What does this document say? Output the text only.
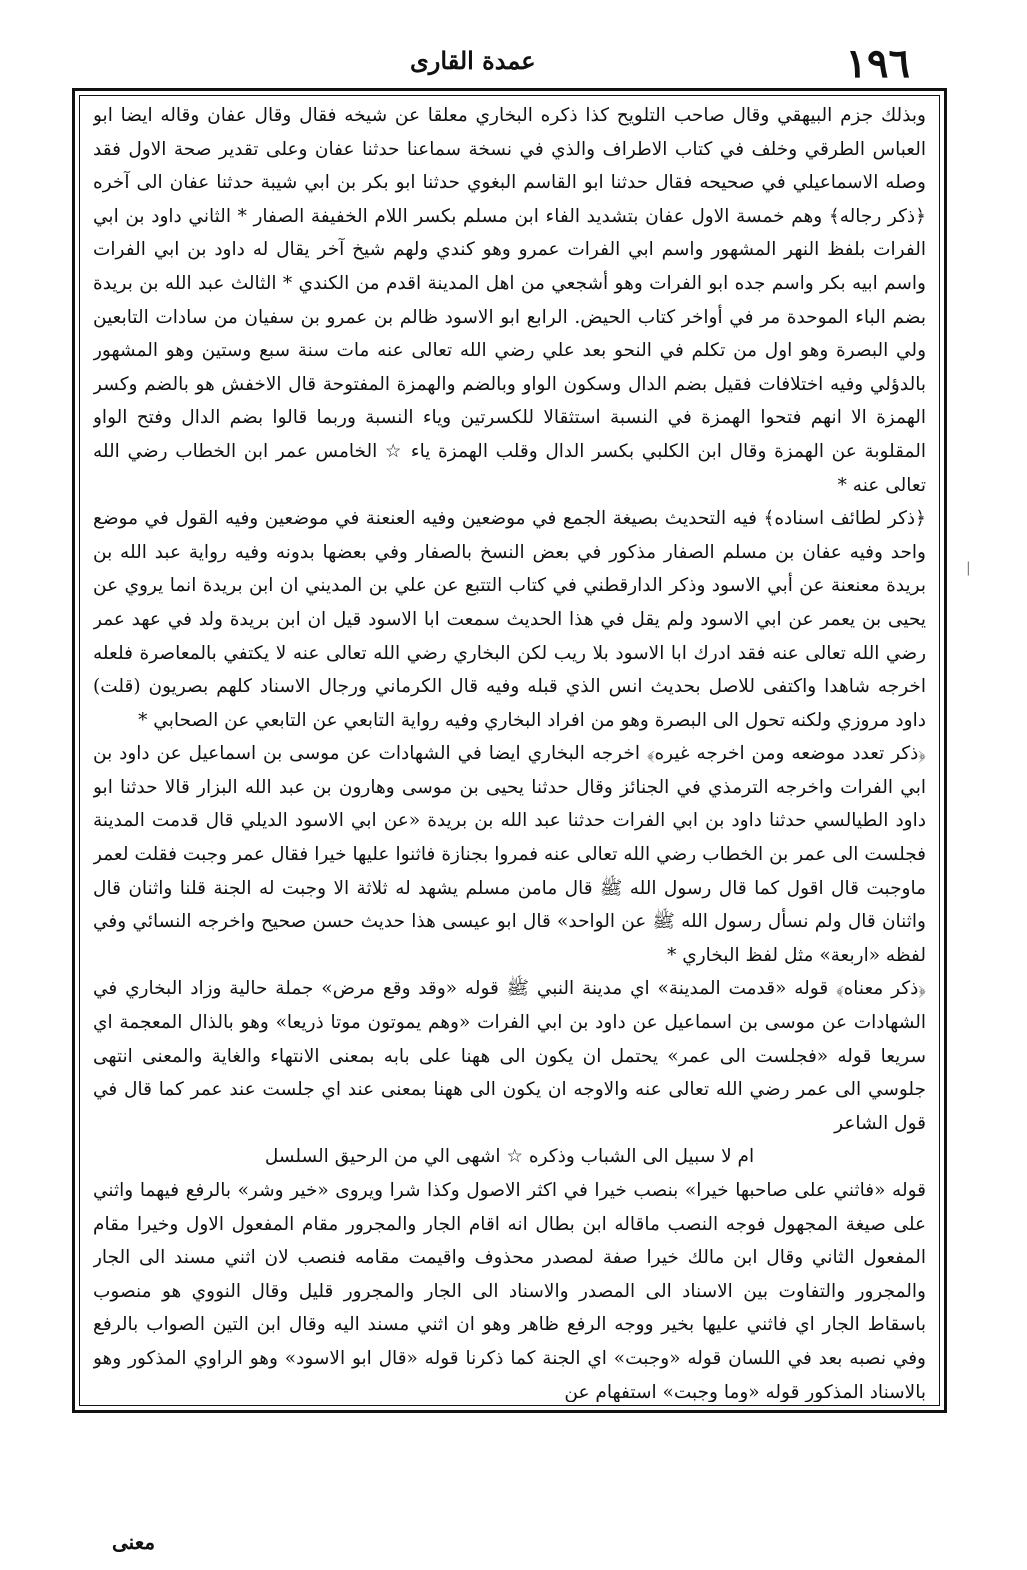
١٩٦
عمدة القارى

وبذلك جزم البيهقي وقال صاحب التلويح كذا ذكره البخاري معلقا عن شيخه فقال وقال عفان وقاله ايضا ابو العباس الطرقي وخلف في كتاب الاطراف والذي في نسخة سماعنا حدثنا عفان وعلى تقدير صحة الاول فقد وصله الاسماعيلي في صحيحه فقال حدثنا ابو القاسم البغوي حدثنا ابو بكر بن ابي شيبة حدثنا عفان الى آخره ﴿ذكر رجاله﴾ وهم خمسة الاول عفان بتشديد الفاء ابن مسلم بكسر اللام الخفيفة الصفار * الثاني داود بن ابي الفرات بلفظ النهر المشهور واسم ابي الفرات عمرو وهو كندي ولهم شيخ آخر يقال له داود بن ابي الفرات واسم ابيه بكر واسم جده ابو الفرات وهو أشجعي من اهل المدينة اقدم من الكندي * الثالث عبد الله بن بريدة بضم الباء الموحدة مر في أواخر كتاب الحيض. الرابع ابو الاسود ظالم بن عمرو بن سفيان من سادات التابعين ولي البصرة وهو اول من تكلم في النحو بعد علي رضي الله تعالى عنه مات سنة سبع وستين وهو المشهور بالدؤلي وفيه اختلافات فقيل بضم الدال وسكون الواو وبالضم والهمزة المفتوحة قال الاخفش هو بالضم وكسر الهمزة الا انهم فتحوا الهمزة في النسبة استثقالا للكسرتين وياء النسبة وربما قالوا بضم الدال وفتح الواو المقلوبة عن الهمزة وقال ابن الكلبي بكسر الدال وقلب الهمزة ياء ☆ الخامس عمر ابن الخطاب رضي الله تعالى عنه *

﴿ذكر لطائف اسناده﴾ فيه التحديث بصيغة الجمع في موضعين وفيه العنعنة في موضعين وفيه القول في موضع واحد وفيه عفان بن مسلم الصفار مذكور في بعض النسخ بالصفار وفي بعضها بدونه وفيه رواية عبد الله بن بريدة معنعنة عن أبي الاسود وذكر الدارقطني في كتاب التتبع عن علي بن المديني ان ابن بريدة انما يروي عن يحيى بن يعمر عن ابي الاسود ولم يقل في هذا الحديث سمعت ابا الاسود قيل ان ابن بريدة ولد في عهد عمر رضي الله تعالى عنه فقد ادرك ابا الاسود بلا ريب لكن البخاري رضي الله تعالى عنه لا يكتفي بالمعاصرة فلعله اخرجه شاهدا واكتفى للاصل بحديث انس الذي قبله وفيه قال الكرماني ورجال الاسناد كلهم بصريون (قلت) داود مروزي ولكنه تحول الى البصرة وهو من افراد البخاري وفيه رواية التابعي عن التابعي عن الصحابي *

﴿ذكر تعدد موضعه ومن اخرجه غيره﴾ اخرجه البخاري ايضا في الشهادات عن موسى بن اسماعيل عن داود بن ابي الفرات واخرجه الترمذي في الجنائز وقال حدثنا يحيى بن موسى وهارون بن عبد الله البزار قالا حدثنا ابو داود الطيالسي حدثنا داود بن ابي الفرات حدثنا عبد الله بن بريدة «عن ابي الاسود الديلي قال قدمت المدينة فجلست الى عمر بن الخطاب رضي الله تعالى عنه فمروا بجنازة فاثنوا عليها خيرا فقال عمر وجبت فقلت لعمر ماوجبت قال اقول كما قال رسول الله ﷺ قال مامن مسلم يشهد له ثلاثة الا وجبت له الجنة قلنا واثنان قال واثنان قال ولم نسأل رسول الله ﷺ عن الواحد» قال ابو عيسى هذا حديث حسن صحيح واخرجه النسائي وفي لفظه «اربعة» مثل لفظ البخاري *

﴿ذكر معناه﴾ قوله «قدمت المدينة» اي مدينة النبي ﷺ قوله «وقد وقع مرض» جملة حالية وزاد البخاري في الشهادات عن موسى بن اسماعيل عن داود بن ابي الفرات «وهم يموتون موتا ذريعا» وهو بالذال المعجمة اي سريعا قوله «فجلست الى عمر» يحتمل ان يكون الى ههنا على بابه بمعنى الانتهاء والغاية والمعنى انتهى جلوسي الى عمر رضي الله تعالى عنه والاوجه ان يكون الى ههنا بمعنى عند اي جلست عند عمر كما قال في قول الشاعر

ام لا سبيل الى الشباب وذكره ☆ اشهى الي من الرحيق السلسل

قوله «فاثني على صاحبها خيرا» بنصب خيرا في اكثر الاصول وكذا شرا ويروى «خير وشر» بالرفع فيهما واثني على صيغة المجهول فوجه النصب ماقاله ابن بطال انه اقام الجار والمجرور مقام المفعول الاول وخيرا مقام المفعول الثاني وقال ابن مالك خيرا صفة لمصدر محذوف واقيمت مقامه فنصب لان اثني مسند الى الجار والمجرور والتفاوت بين الاسناد الى المصدر والاسناد الى الجار والمجرور قليل وقال النووي هو منصوب باسقاط الجار اي فاثني عليها بخير ووجه الرفع ظاهر وهو ان اثني مسند اليه وقال ابن التين الصواب بالرفع وفي نصبه بعد في اللسان قوله «وجبت» اي الجنة كما ذكرنا قوله «قال ابو الاسود» وهو الراوي المذكور وهو بالاسناد المذكور قوله «وما وجبت» استفهام عن

|
معنى
